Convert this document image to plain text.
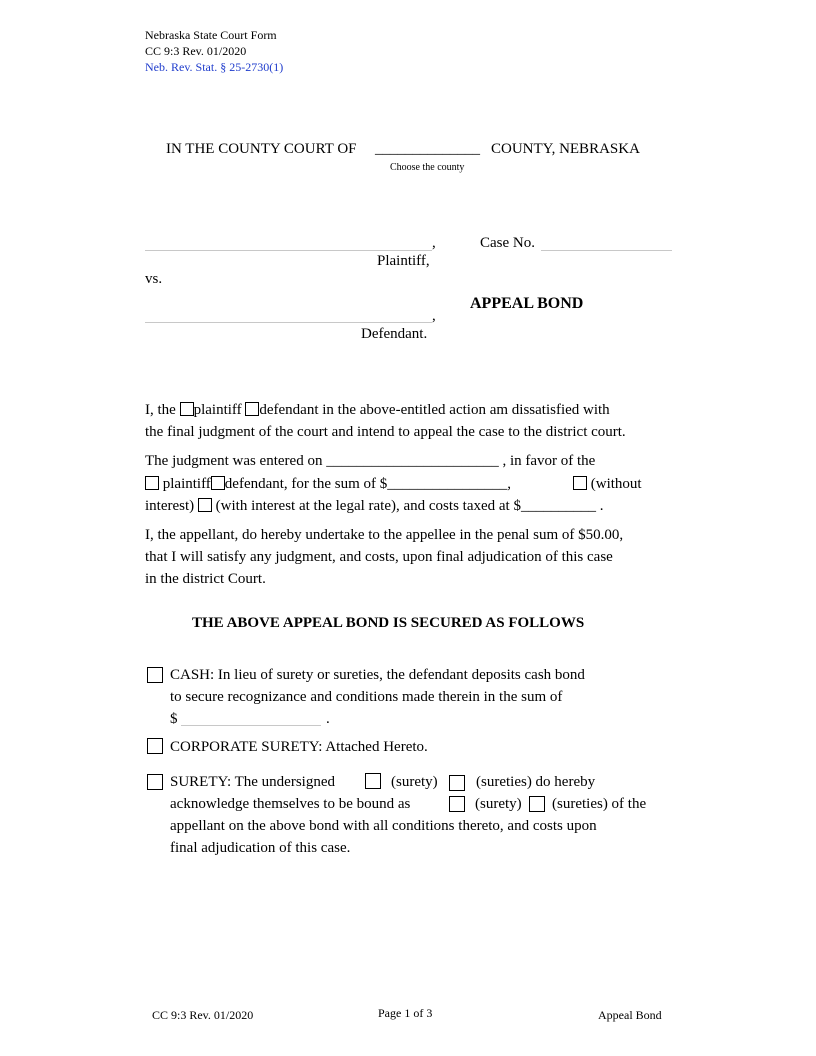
Nebraska State Court Form
CC 9:3 Rev. 01/2020
Neb. Rev. Stat. § 25-2730(1)
IN THE COUNTY COURT OF ______________ COUNTY, NEBRASKA
Choose the county
,
Plaintiff,
vs.
,
Defendant.
Case No.
APPEAL BOND
I, the plaintiff defendant in the above-entitled action am dissatisfied with
the final judgment of the court and intend to appeal the case to the district court.
The judgment was entered on _______________________ , in favor of the
plaintiff defendant, for the sum of $________________,	(without
interest) (with interest at the legal rate), and costs taxed at $__________ .
I, the appellant, do hereby undertake to the appellee in the penal sum of $50.00,
that I will satisfy any judgment, and costs, upon final adjudication of this case
in the district Court.
THE ABOVE APPEAL BOND IS SECURED AS FOLLOWS
CASH: In lieu of surety or sureties, the defendant deposits cash bond
to secure recognizance and conditions made therein in the sum of
$	.
CORPORATE SURETY: Attached Hereto.
SURETY: The undersigned	(surety)	(sureties) do hereby
acknowledge themselves to be bound as	(surety) (sureties) of the
appellant on the above bond with all conditions thereto, and costs upon
final adjudication of this case.
CC 9:3 Rev. 01/2020	Page 1 of 3	Appeal Bond
